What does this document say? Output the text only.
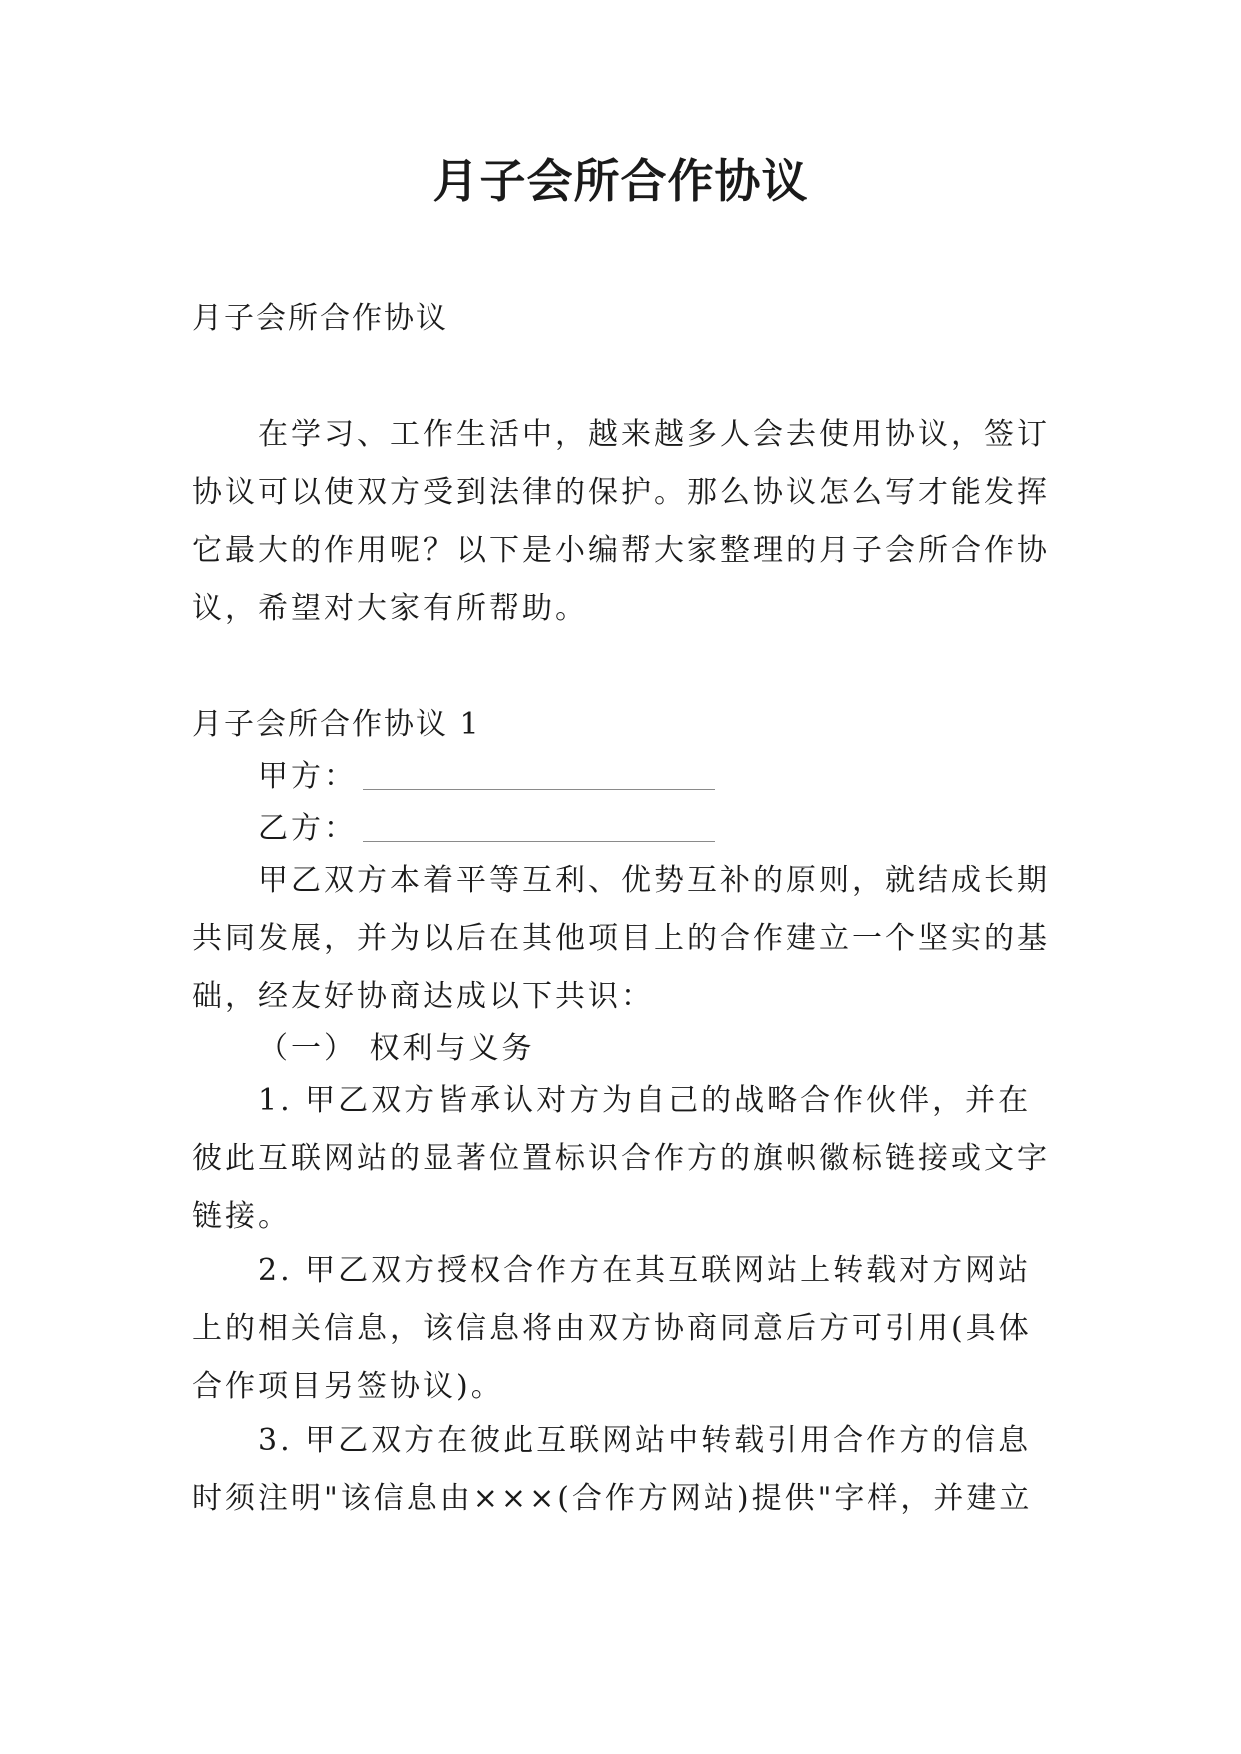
月子会所合作协议

月子会所合作协议

在学习、工作生活中，越来越多人会去使用协议，签订协议可以使双方受到法律的保护。那么协议怎么写才能发挥它最大的作用呢？以下是小编帮大家整理的月子会所合作协议，希望对大家有所帮助。

月子会所合作协议 1

甲方：

乙方：

甲乙双方本着平等互利、优势互补的原则，就结成长期共同发展，并为以后在其他项目上的合作建立一个坚实的基础，经友好协商达成以下共识：

（一） 权利与义务

1. 甲乙双方皆承认对方为自己的战略合作伙伴，并在彼此互联网站的显著位置标识合作方的旗帜徽标链接或文字链接。

2. 甲乙双方授权合作方在其互联网站上转载对方网站上的相关信息，该信息将由双方协商同意后方可引用(具体合作项目另签协议)。

3. 甲乙双方在彼此互联网站中转载引用合作方的信息时须注明"该信息由×××(合作方网站)提供"字样，并建立
